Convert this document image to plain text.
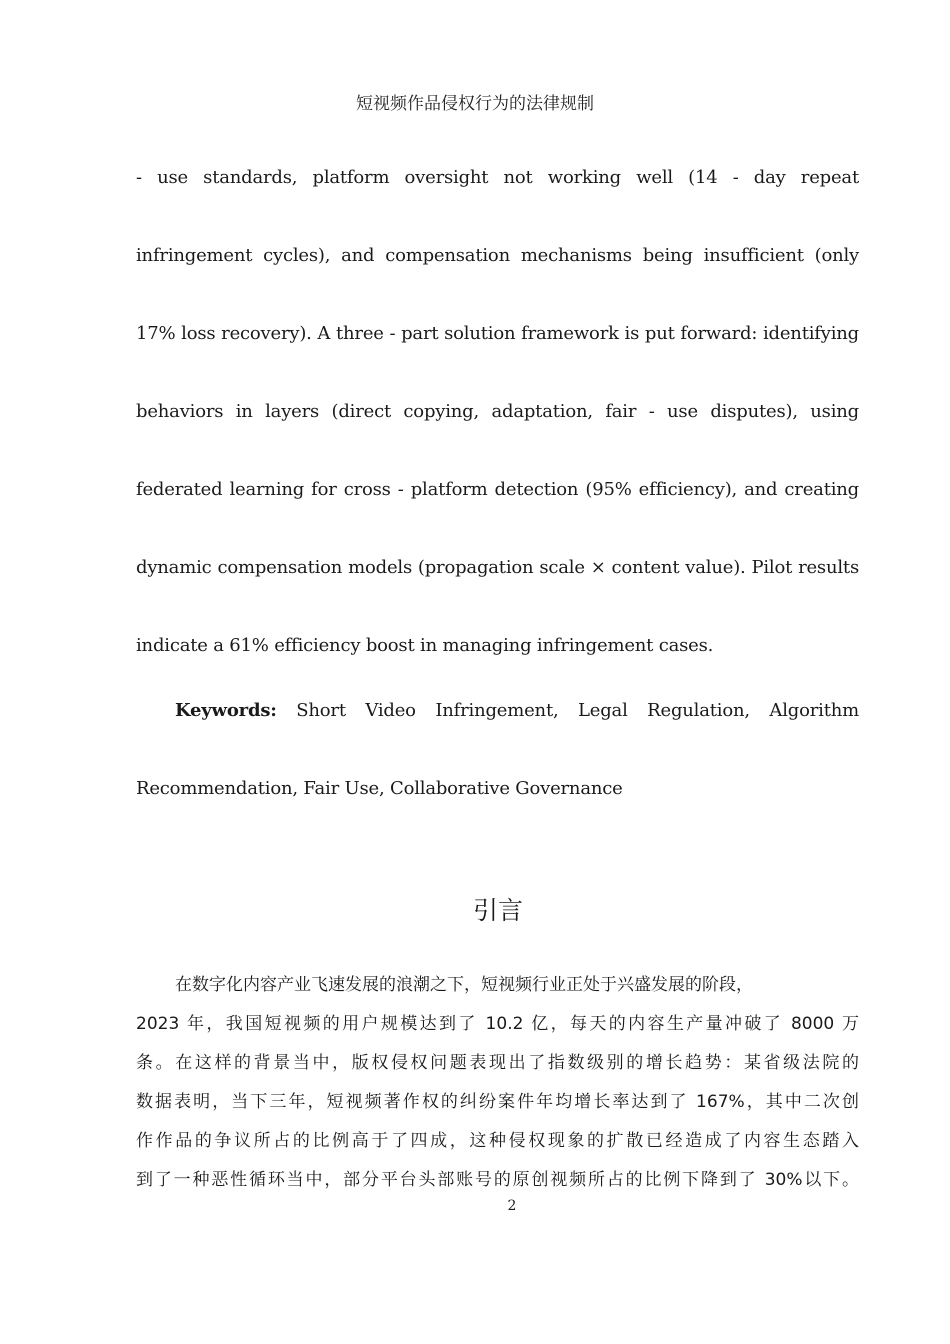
短视频作品侵权行为的法律规制
- use standards, platform oversight not working well (14 - day repeat
infringement cycles), and compensation mechanisms being insufficient (only
17% loss recovery). A three - part solution framework is put forward: identifying
behaviors in layers (direct copying, adaptation, fair - use disputes), using
federated learning for cross - platform detection (95% efficiency), and creating
dynamic compensation models (propagation scale × content value). Pilot results
indicate a 61% efficiency boost in managing infringement cases.
Keywords: Short Video Infringement, Legal Regulation, Algorithm
Recommendation, Fair Use, Collaborative Governance
引言
在数字化内容产业飞速发展的浪潮之下，短视频行业正处于兴盛发展的阶段，
2023 年，我国短视频的用户规模达到了 10.2 亿，每天的内容生产量冲破了 8000 万
条。在这样的背景当中，版权侵权问题表现出了指数级别的增长趋势：某省级法院的
数据表明，当下三年，短视频著作权的纠纷案件年均增长率达到了 167%，其中二次创
作作品的争议所占的比例高于了四成，这种侵权现象的扩散已经造成了内容生态踏入
到了一种恶性循环当中，部分平台头部账号的原创视频所占的比例下降到了 30%以下。
2
